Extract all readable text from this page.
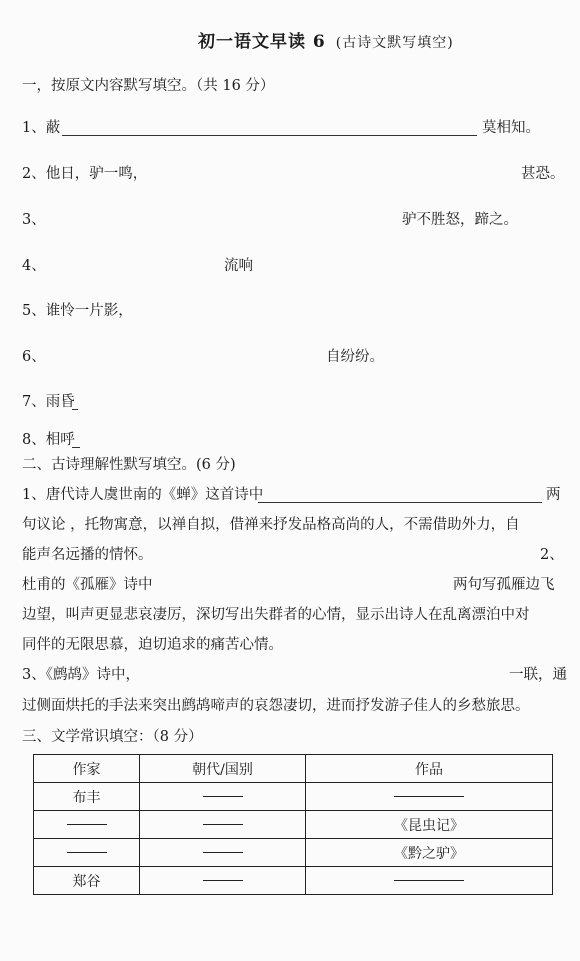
初一语文早读 6 (古诗文默写填空)
一，按原文内容默写填空。（共 16 分）
1、蔽	莫相知。
2、他日，驴一鸣，	甚恐。
3、	驴不胜怒，蹄之。
4、	流响
5、谁怜一片影，
6、	自纷纷。
7、雨昏
8、相呼
二、古诗理解性默写填空。(6 分)
1、唐代诗人虞世南的《蝉》这首诗中	两
句议论 ，托物寓意，以禅自拟，借禅来抒发品格高尚的人，不需借助外力，自
能声名远播的情怀。	2、
杜甫的《孤雁》诗中	两句写孤雁边飞
边望，叫声更显悲哀凄厉，深切写出失群者的心情，显示出诗人在乱离漂泊中对
同伴的无限思慕，迫切追求的痛苦心情。
3、《鹧鸪》诗中，	一联，通
过侧面烘托的手法来突出鹧鸪啼声的哀怨凄切，进而抒发游子佳人的乡愁旅思。
三、文学常识填空：（8 分）
作家	朝代/国别	作品
布丰		
		《昆虫记》
		《黔之驴》
郑谷		
